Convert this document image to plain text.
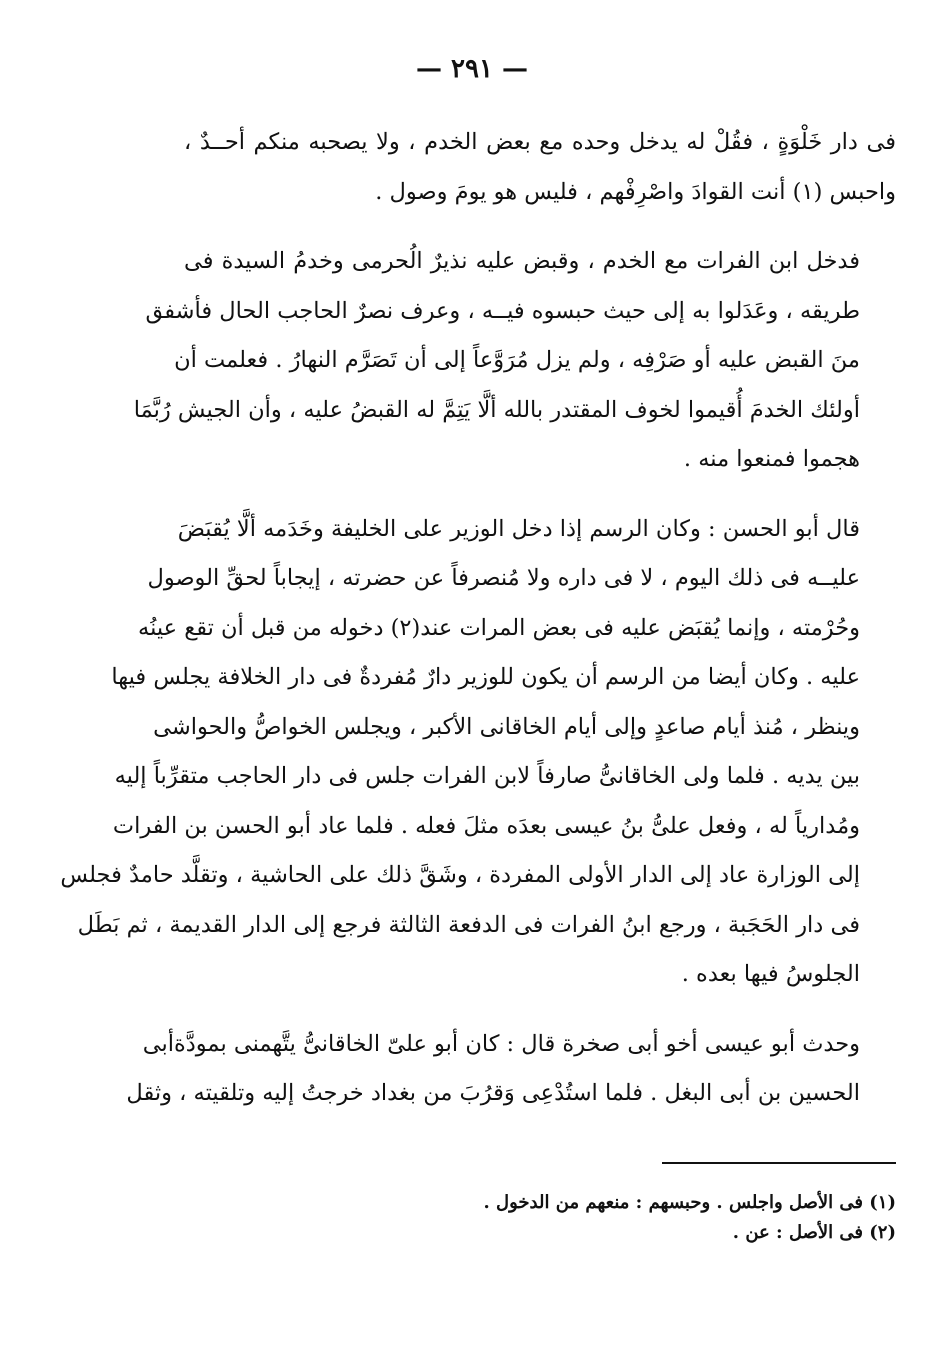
— ٢٩١ —

فى دار خَلْوَةٍ ، فقُلْ له يدخل وحده مع بعض الخدم ، ولا يصحبه منكم أحــدٌ ،
واحبس (١) أنت القوادَ واصْرِفْهم ، فليس هو يومَ وصول .

فدخل ابن الفرات مع الخدم ، وقبض عليه نذيرٌ الُحرمى وخدمُ السيدة فى
طريقه ، وعَدَلوا به إلى حيث حبسوه فيــه ، وعرف نصرٌ الحاجب الحال فأشفق
منَ القبض عليه أو صَرْفِه ، ولم يزل مُرَوَّعاً إلى أن تَصَرَّم النهارُ . فعلمت أن
أولئك الخدمَ أُقيموا لخوف المقتدر بالله ألَّا يَتِمَّ له القبضُ عليه ، وأن الجيش رُبَّمَا
هجموا فمنعوا منه .

قال أبو الحسن : وكان الرسم إذا دخل الوزير على الخليفة وخَدَمه ألَّا يُقبَضَ
عليــه فى ذلك اليوم ، لا فى داره ولا مُنصرفاً عن حضرته ، إيجاباً لحقِّ الوصول
وحُرْمته ، وإنما يُقبَض عليه فى بعض المرات عند(٢) دخوله من قبل أن تقع عينُه
عليه . وكان أيضا من الرسم أن يكون للوزير دارٌ مُفردةٌ فى دار الخلافة يجلس فيها
وينظر ، مُنذ أيام صاعدٍ وإلى أيام الخاقانى الأكبر ، ويجلس الخواصُّ والحواشى
بين يديه . فلما ولى الخاقانىُّ صارفاً لابن الفرات جلس فى دار الحاجب متقرِّباً إليه
ومُدارياً له ، وفعل علىُّ بنُ عيسى بعدَه مثلَ فعله . فلما عاد أبو الحسن بن الفرات
إلى الوزارة عاد إلى الدار الأولى المفردة ، وشَقَّ ذلك على الحاشية ، وتقلَّد حامدٌ فجلس
فى دار الحَجَبة ، ورجع ابنُ الفرات فى الدفعة الثالثة فرجع إلى الدار القديمة ، ثم بَطَل
الجلوسُ فيها بعده .

وحدث أبو عيسى أخو أبى صخرة قال : كان أبو علىّ الخاقانىُّ يتَّهمنى بمودَّةأبى
الحسين بن أبى البغل . فلما استُدْعِى وَقرُبَ من بغداد خرجتُ إليه وتلقيته ، وثقل

(١) فى الأصل واجلس . وحبسهم : منعهم من الدخول .
(٢) فى الأصل : عن .
